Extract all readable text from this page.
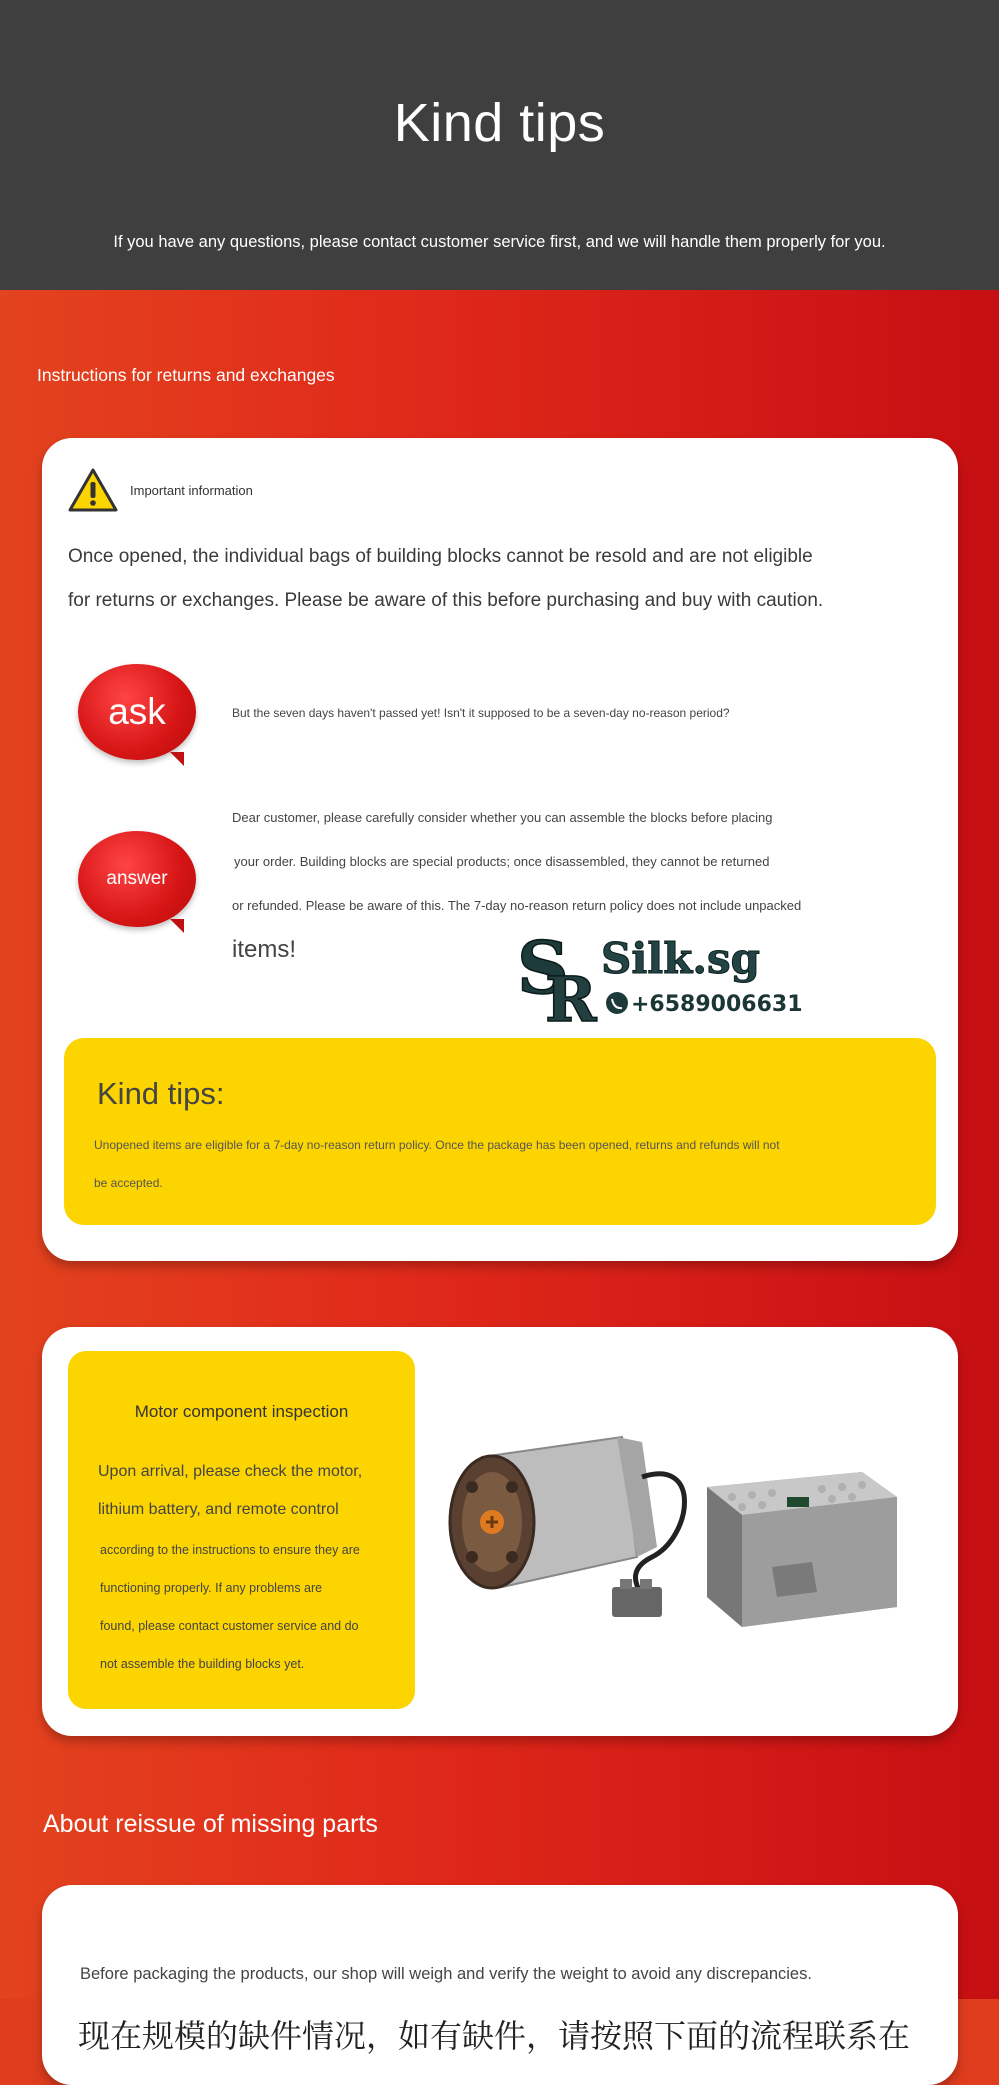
Kind tips

If you have any questions, please contact customer service first, and we will handle them properly for you.

Instructions for returns and exchanges
Important information
Once opened, the individual bags of building blocks cannot be resold and are not eligible
for returns or exchanges. Please be aware of this before purchasing and buy with caution.
ask	But the seven days haven't passed yet! Isn't it supposed to be a seven-day no-reason period?
answer
Dear customer, please carefully consider whether you can assemble the blocks before placing
your order. Building blocks are special products; once disassembled, they cannot be returned
or refunded. Please be aware of this. The 7-day no-reason return policy does not include unpacked
items!
Kind tips:

Unopened items are eligible for a 7-day no-reason return policy. Once the package has been opened, returns and refunds will not
be accepted.

Motor component inspection
Upon arrival, please check the motor,
lithium battery, and remote control
according to the instructions to ensure they are
functioning properly. If any problems are
found, please contact customer service and do
not assemble the building blocks yet.
About reissue of missing parts
Before packaging the products, our shop will weigh and verify the weight to avoid any discrepancies.
现在规模的缺件情况，如有缺件，请按照下面的流程联系在
S
R
Silk.sg
+6589006631
